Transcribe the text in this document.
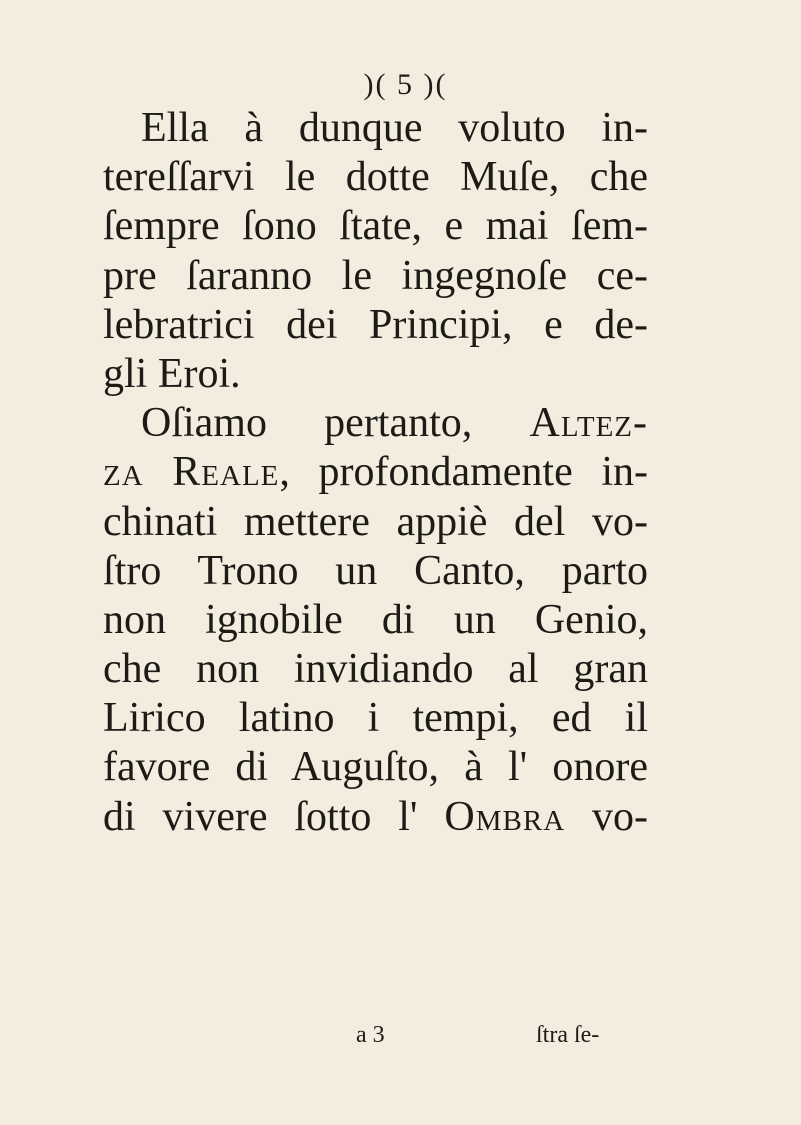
)( 5 )(
Ella à dunque voluto in-
tereſſarvi le dotte Muſe, che
ſempre ſono ſtate, e mai ſem-
pre ſaranno le ingegnoſe ce-
lebratrici dei Principi, e de-
gli Eroi.
Oſiamo pertanto, Altez-
za Reale, profondamente in-
chinati mettere appiè del vo-
ſtro Trono un Canto, parto
non ignobile di un Genio,
che non invidiando al gran
Lirico latino i tempi, ed il
favore di Auguſto, à l' onore
di vivere ſotto l' Ombra vo-
a 3	ſtra ſe-
